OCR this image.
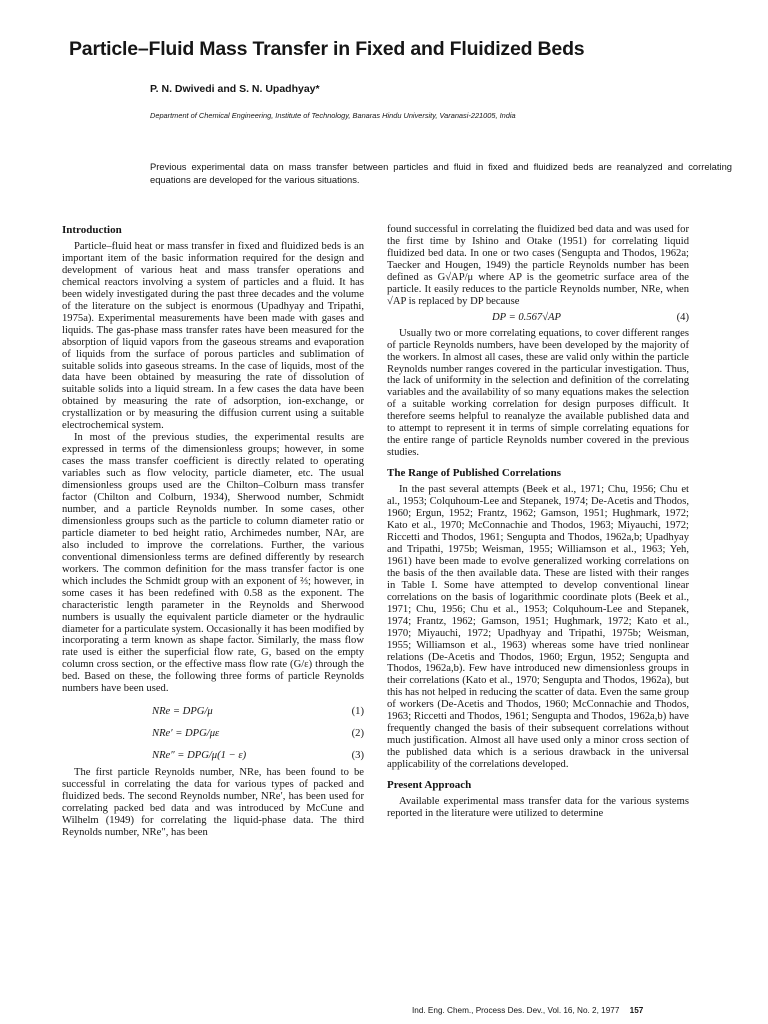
Particle–Fluid Mass Transfer in Fixed and Fluidized Beds
P. N. Dwivedi and S. N. Upadhyay*
Department of Chemical Engineering, Institute of Technology, Banaras Hindu University, Varanasi-221005, India
Previous experimental data on mass transfer between particles and fluid in fixed and fluidized beds are reanalyzed and correlating equations are developed for the various situations.
Introduction

Particle–fluid heat or mass transfer in fixed and fluidized beds is an important item of the basic information required for the design and development of various heat and mass transfer operations and chemical reactors involving a system of particles and a fluid. It has been widely investigated during the past three decades and the volume of the literature on the subject is enormous (Upadhyay and Tripathi, 1975a). Experimental measurements have been made with gases and liquids. The gas-phase mass transfer rates have been measured for the absorption of liquid vapors from the gaseous streams and evaporation of liquids from the surface of porous particles and sublimation of suitable solids into gaseous streams. In the case of liquids, most of the data have been obtained by measuring the rate of dissolution of suitable solids into a liquid stream. In a few cases the data have been obtained by measuring the rate of adsorption, ion-exchange, or crystallization or by measuring the diffusion current using a suitable electrochemical system.

In most of the previous studies, the experimental results are expressed in terms of the dimensionless groups; however, in some cases the mass transfer coefficient is directly related to operating variables such as flow velocity, particle diameter, etc. The usual dimensionless groups used are the Chilton–Colburn mass transfer factor (Chilton and Colburn, 1934), Sherwood number, Schmidt number, and a particle Reynolds number. In some cases, other dimensionless groups such as the particle to column diameter ratio or particle diameter to bed height ratio, Archimedes number, NAr, are also included to improve the correlations. Further, the various conventional dimensionless terms are defined differently by research workers. The common definition for the mass transfer factor is one which includes the Schmidt group with an exponent of ⅔; however, in some cases it has been redefined with 0.58 as the exponent. The characteristic length parameter in the Reynolds and Sherwood numbers is usually the equivalent particle diameter or the hydraulic diameter for a particulate system. Occasionally it has been modified by incorporating a term known as shape factor. Similarly, the mass flow rate used is either the superficial flow rate, G, based on the empty column cross section, or the effective mass flow rate (G/ε) through the bed. Based on these, the following three forms of particle Reynolds numbers have been used.

NRe = DPG/μ	(1)
NRe′ = DPG/με	(2)
NRe″ = DPG/μ(1 − ε)	(3)

The first particle Reynolds number, NRe, has been found to be successful in correlating the data for various types of packed and fluidized beds. The second Reynolds number, NRe′, has been used for correlating packed bed data and was introduced by McCune and Wilhelm (1949) for correlating the liquid-phase data. The third Reynolds number, NRe″, has been

found successful in correlating the fluidized bed data and was used for the first time by Ishino and Otake (1951) for correlating liquid fluidized bed data. In one or two cases (Sengupta and Thodos, 1962a; Taecker and Hougen, 1949) the particle Reynolds number has been defined as G√AP/μ where AP is the geometric surface area of the particle. It easily reduces to the particle Reynolds number, NRe, when √AP is replaced by DP because

DP = 0.567√AP	(4)

Usually two or more correlating equations, to cover different ranges of particle Reynolds numbers, have been developed by the majority of the workers. In almost all cases, these are valid only within the particle Reynolds number ranges covered in the particular investigation. Thus, the lack of uniformity in the selection and definition of the correlating variables and the availability of so many equations makes the selection of a suitable working correlation for design purposes difficult. It therefore seems helpful to reanalyze the available published data and to attempt to represent it in terms of simple correlating equations for the entire range of particle Reynolds number covered in the previous studies.

The Range of Published Correlations

In the past several attempts (Beek et al., 1971; Chu, 1956; Chu et al., 1953; Colquhoum-Lee and Stepanek, 1974; De-Acetis and Thodos, 1960; Ergun, 1952; Frantz, 1962; Gamson, 1951; Hughmark, 1972; Kato et al., 1970; McConnachie and Thodos, 1963; Miyauchi, 1972; Riccetti and Thodos, 1961; Sengupta and Thodos, 1962a,b; Upadhyay and Tripathi, 1975b; Weisman, 1955; Williamson et al., 1963; Yeh, 1961) have been made to evolve generalized working correlations on the basis of the then available data. These are listed with their ranges in Table I. Some have attempted to develop conventional linear correlations on the basis of logarithmic coordinate plots (Beek et al., 1971; Chu, 1956; Chu et al., 1953; Colquhoum-Lee and Stepanek, 1974; Frantz, 1962; Gamson, 1951; Hughmark, 1972; Kato et al., 1970; Miyauchi, 1972; Upadhyay and Tripathi, 1975b; Weisman, 1955; Williamson et al., 1963) whereas some have tried nonlinear relations (De-Acetis and Thodos, 1960; Ergun, 1952; Sengupta and Thodos, 1962a,b). Few have introduced new dimensionless groups in their correlations (Kato et al., 1970; Sengupta and Thodos, 1962a), but this has not helped in reducing the scatter of data. Even the same group of workers (De-Acetis and Thodos, 1960; McConnachie and Thodos, 1963; Riccetti and Thodos, 1961; Sengupta and Thodos, 1962a,b) have frequently changed the basis of their subsequent correlations without much justification. Almost all have used only a minor cross section of the published data which is a serious drawback in the universal applicability of the correlations developed.

Present Approach

Available experimental mass transfer data for the various systems reported in the literature were utilized to determine

Ind. Eng. Chem., Process Des. Dev., Vol. 16, No. 2, 1977 157
